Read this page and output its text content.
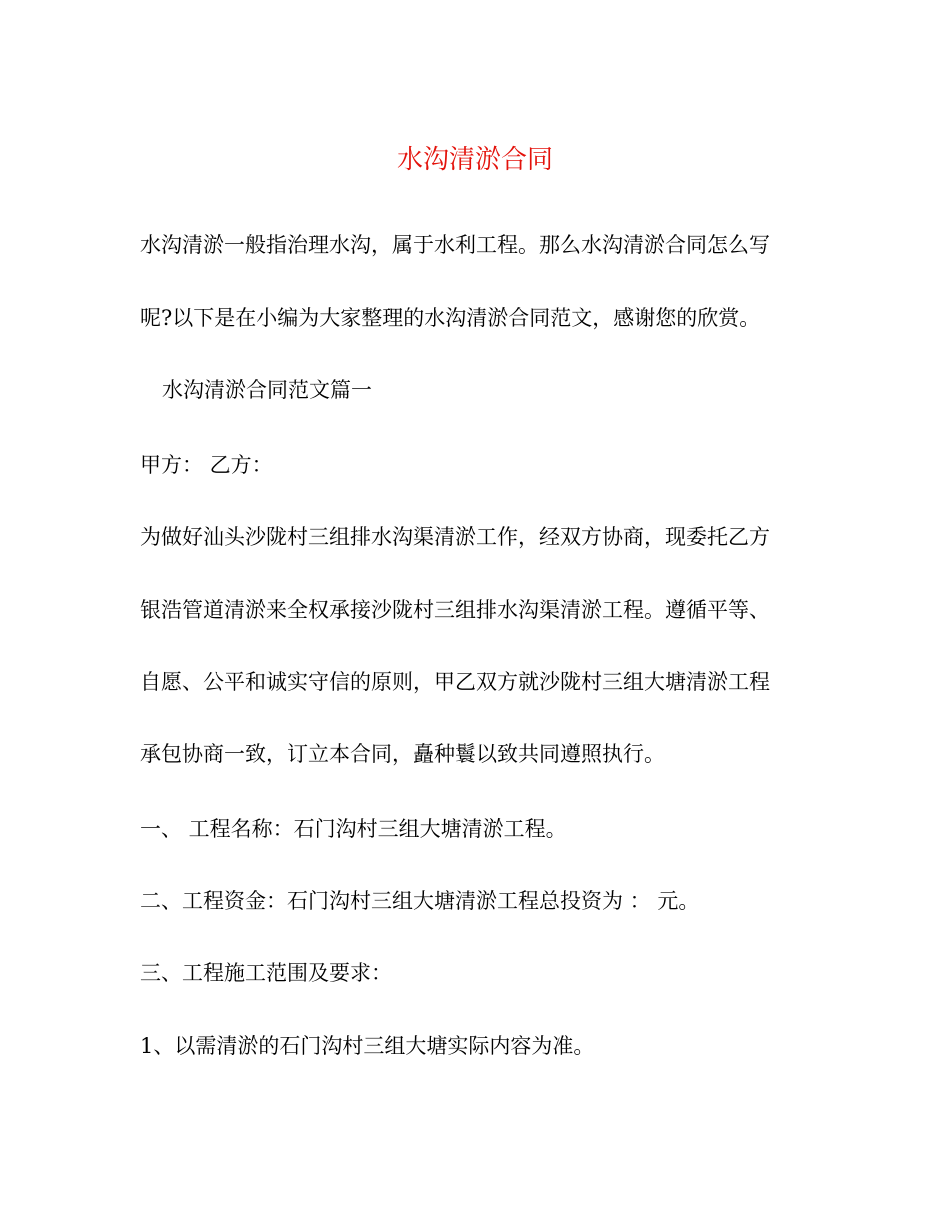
水沟清淤合同
水沟清淤一般指治理水沟，属于水利工程。那么水沟清淤合同怎么写
呢?以下是在小编为大家整理的水沟清淤合同范文，感谢您的欣赏。
水沟清淤合同范文篇一
甲方： 乙方：
为做好汕头沙陇村三组排水沟渠清淤工作，经双方协商，现委托乙方
银浩管道清淤来全权承接沙陇村三组排水沟渠清淤工程。遵循平等、
自愿、公平和诚实守信的原则，甲乙双方就沙陇村三组大塘清淤工程
承包协商一致，订立本合同，矗种鬟以致共同遵照执行。
一、 工程名称：石门沟村三组大塘清淤工程。
二、工程资金：石门沟村三组大塘清淤工程总投资为 ： 元。
三、工程施工范围及要求：
1、以需清淤的石门沟村三组大塘实际内容为准。
